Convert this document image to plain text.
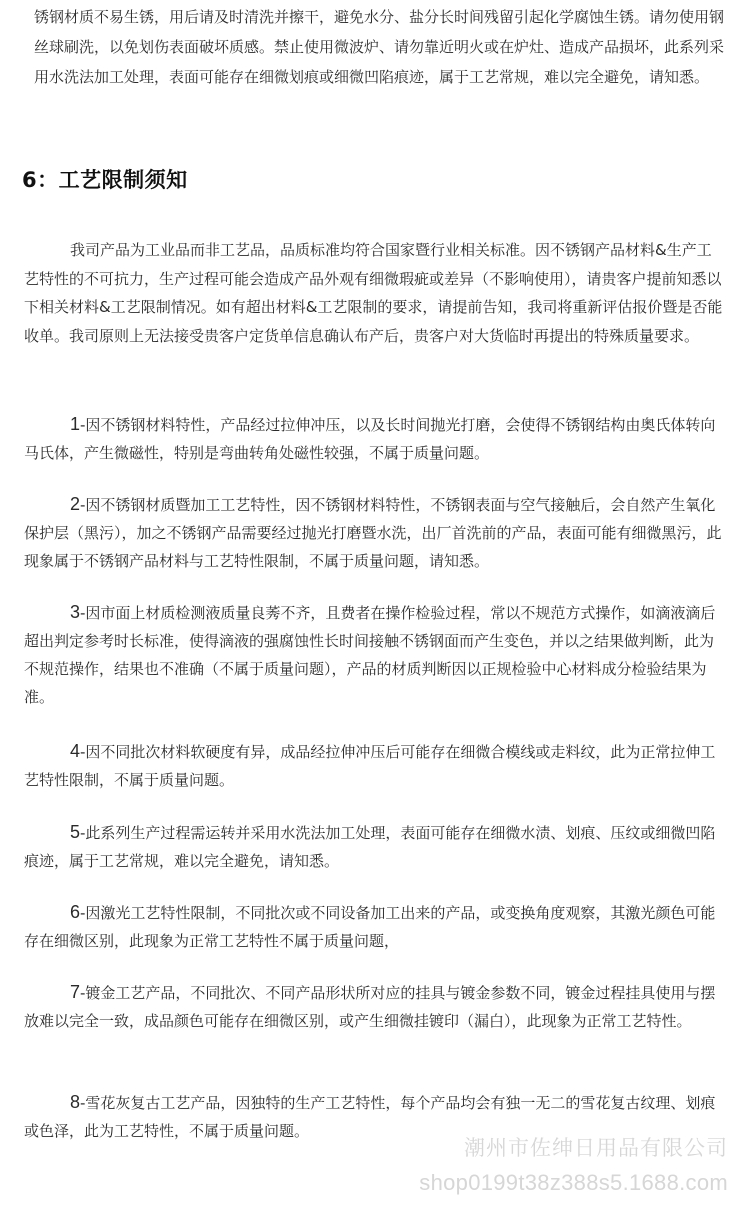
锈钢材质不易生锈，用后请及时清洗并擦干，避免水分、盐分长时间残留引起化学腐蚀生锈。请勿使用钢丝球刷洗，以免划伤表面破坏质感。禁止使用微波炉、请勿靠近明火或在炉灶、造成产品损坏，此系列采用水洗法加工处理，表面可能存在细微划痕或细微凹陷痕迹，属于工艺常规，难以完全避免，请知悉。

6：工艺限制须知

我司产品为工业品而非工艺品，品质标准均符合国家暨行业相关标准。因不锈钢产品材料&生产工艺特性的不可抗力，生产过程可能会造成产品外观有细微瑕疵或差异（不影响使用），请贵客户提前知悉以下相关材料&工艺限制情况。如有超出材料&工艺限制的要求，请提前告知，我司将重新评估报价暨是否能收单。我司原则上无法接受贵客户定货单信息确认布产后，贵客户对大货临时再提出的特殊质量要求。

1-因不锈钢材料特性，产品经过拉伸冲压，以及长时间抛光打磨，会使得不锈钢结构由奥氏体转向马氏体，产生微磁性，特别是弯曲转角处磁性较强，不属于质量问题。

2-因不锈钢材质暨加工工艺特性，因不锈钢材料特性，不锈钢表面与空气接触后，会自然产生氧化保护层（黑污），加之不锈钢产品需要经过抛光打磨暨水洗，出厂首洗前的产品，表面可能有细微黑污，此现象属于不锈钢产品材料与工艺特性限制，不属于质量问题，请知悉。

3-因市面上材质检测液质量良莠不齐，且费者在操作检验过程，常以不规范方式操作，如滴液滴后超出判定参考时长标准，使得滴液的强腐蚀性长时间接触不锈钢面而产生变色，并以之结果做判断，此为不规范操作，结果也不准确（不属于质量问题），产品的材质判断因以正规检验中心材料成分检验结果为准。

4-因不同批次材料软硬度有异，成品经拉伸冲压后可能存在细微合模线或走料纹，此为正常拉伸工艺特性限制，不属于质量问题。

5-此系列生产过程需运转并采用水洗法加工处理，表面可能存在细微水渍、划痕、压纹或细微凹陷痕迹，属于工艺常规，难以完全避免，请知悉。

6-因激光工艺特性限制，不同批次或不同设备加工出来的产品，或变换角度观察，其激光颜色可能存在细微区别，此现象为正常工艺特性不属于质量问题，

7-镀金工艺产品，不同批次、不同产品形状所对应的挂具与镀金参数不同，镀金过程挂具使用与摆放难以完全一致，成品颜色可能存在细微区别，或产生细微挂镀印（漏白），此现象为正常工艺特性。

8-雪花灰复古工艺产品，因独特的生产工艺特性，每个产品均会有独一无二的雪花复古纹理、划痕或色泽，此为工艺特性，不属于质量问题。

潮州市佐绅日用品有限公司

shop0199t38z388s5.1688.com
